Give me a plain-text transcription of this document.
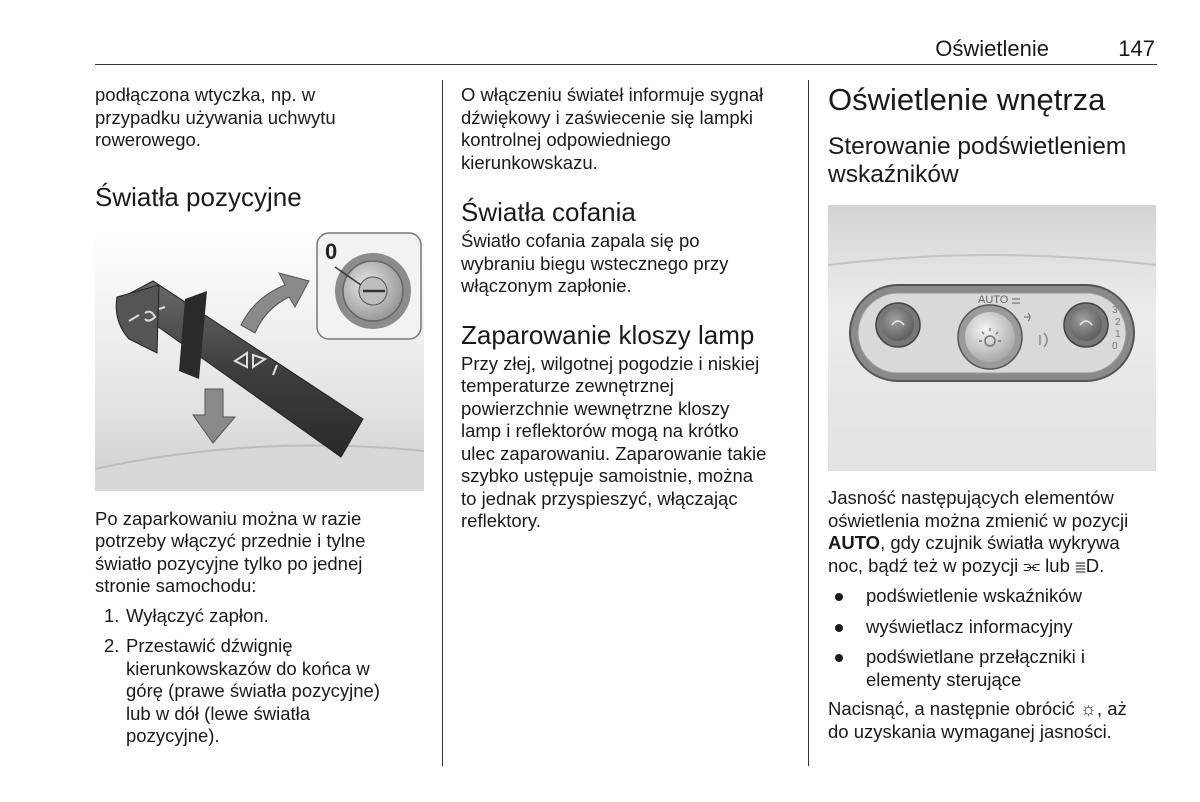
Oświetlenie	147

podłączona wtyczka, np. w
przypadku używania uchwytu
rowerowego.

Światła pozycyjne
0

Po zaparkowaniu można w razie
potrzeby włączyć przednie i tylne
światło pozycyjne tylko po jednej
stronie samochodu:

1. Wyłączyć zapłon.
2. Przestawić dźwignię
kierunkowskazów do końca w
górę (prawe światła pozycyjne)
lub w dół (lewe światła
pozycyjne).

O włączeniu świateł informuje sygnał
dźwiękowy i zaświecenie się lampki
kontrolnej odpowiedniego
kierunkowskazu.

Światła cofania

Światło cofania zapala się po
wybraniu biegu wstecznego przy
włączonym zapłonie.

Zaparowanie kloszy lamp

Przy złej, wilgotnej pogodzie i niskiej
temperaturze zewnętrznej
powierzchnie wewnętrzne kloszy
lamp i reflektorów mogą na krótko
ulec zaparowaniu. Zaparowanie takie
szybko ustępuje samoistnie, można
to jednak przyspieszyć, włączając
reflektory.

Oświetlenie wnętrza
Sterowanie podświetleniem
wskaźników
AUTO
3
2
1
0

Jasność następujących elementów
oświetlenia można zmienić w pozycji
AUTO, gdy czujnik światła wykrywa
noc, bądź też w pozycji ⫘ lub ≣D.

podświetlenie wskaźników
wyświetlacz informacyjny
podświetlane przełączniki i
elementy sterujące

Nacisnąć, a następnie obrócić ☼, aż
do uzyskania wymaganej jasności.
